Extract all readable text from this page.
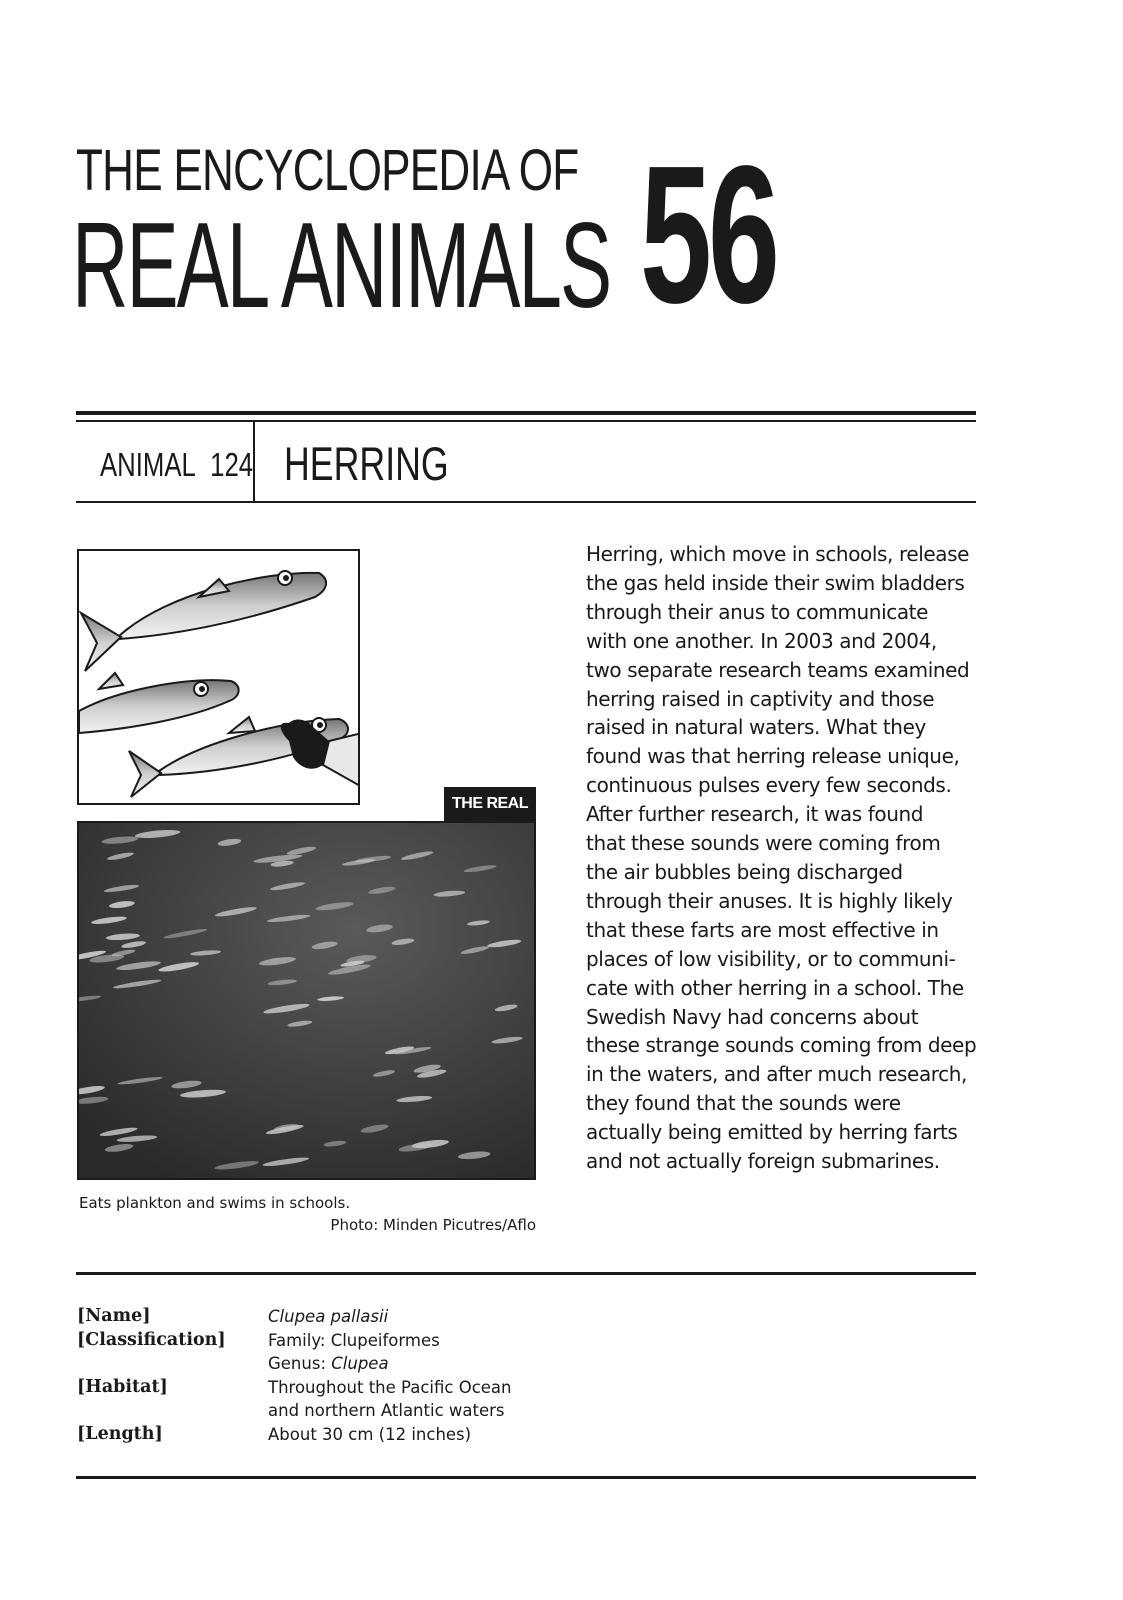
THE ENCYCLOPEDIA OF
REAL ANIMALS 56
ANIMAL 124 HERRING
THE REAL
Eats plankton and swims in schools.
Photo: Minden Picutres/Aflo
Herring, which move in schools, release
the gas held inside their swim bladders
through their anus to communicate
with one another. In 2003 and 2004,
two separate research teams examined
herring raised in captivity and those
raised in natural waters. What they
found was that herring release unique,
continuous pulses every few seconds.
After further research, it was found
that these sounds were coming from
the air bubbles being discharged
through their anuses. It is highly likely
that these farts are most effective in
places of low visibility, or to communi-
cate with other herring in a school. The
Swedish Navy had concerns about
these strange sounds coming from deep
in the waters, and after much research,
they found that the sounds were
actually being emitted by herring farts
and not actually foreign submarines.
[Name]	Clupea pallasii
[Classification]	Family: Clupeiformes
Genus: Clupea
[Habitat]	Throughout the Pacific Ocean
and northern Atlantic waters
[Length]	About 30 cm (12 inches)
